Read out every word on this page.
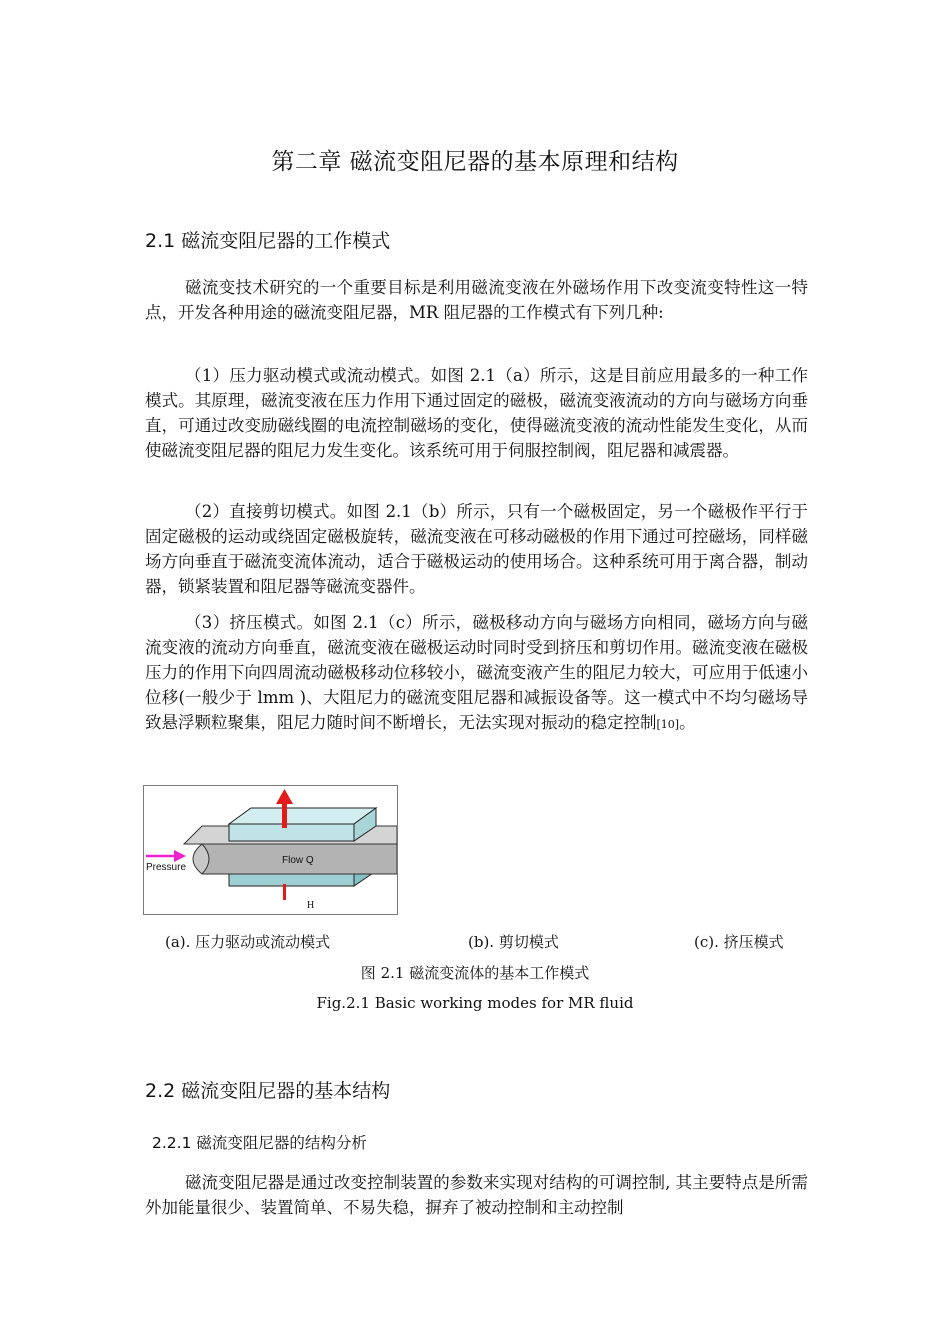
第二章 磁流变阻尼器的基本原理和结构
2.1 磁流变阻尼器的工作模式
磁流变技术研究的一个重要目标是利用磁流变液在外磁场作用下改变流变特性这一特点，开发各种用途的磁流变阻尼器，MR 阻尼器的工作模式有下列几种:
（1）压力驱动模式或流动模式。如图 2.1（a）所示，这是目前应用最多的一种工作模式。其原理，磁流变液在压力作用下通过固定的磁极，磁流变液流动的方向与磁场方向垂直，可通过改变励磁线圈的电流控制磁场的变化，使得磁流变液的流动性能发生变化，从而使磁流变阻尼器的阻尼力发生变化。该系统可用于伺服控制阀，阻尼器和减震器。
（2）直接剪切模式。如图 2.1（b）所示，只有一个磁极固定，另一个磁极作平行于固定磁极的运动或绕固定磁极旋转，磁流变液在可移动磁极的作用下通过可控磁场，同样磁场方向垂直于磁流变流体流动，适合于磁极运动的使用场合。这种系统可用于离合器，制动器，锁紧装置和阻尼器等磁流变器件。
（3）挤压模式。如图 2.1（c）所示，磁极移动方向与磁场方向相同，磁场方向与磁流变液的流动方向垂直，磁流变液在磁极运动时同时受到挤压和剪切作用。磁流变液在磁极压力的作用下向四周流动磁极移动位移较小，磁流变液产生的阻尼力较大，可应用于低速小位移(一般少于 lmm )、大阻尼力的磁流变阻尼器和减振设备等。这一模式中不均匀磁场导致悬浮颗粒聚集，阻尼力随时间不断增长，无法实现对振动的稳定控制[10]。
Pressure
Flow Q
H
(a). 压力驱动或流动模式	(b). 剪切模式	(c). 挤压模式
图 2.1 磁流变流体的基本工作模式
Fig.2.1 Basic working modes for MR fluid
2.2 磁流变阻尼器的基本结构
2.2.1 磁流变阻尼器的结构分析
磁流变阻尼器是通过改变控制装置的参数来实现对结构的可调控制, 其主要特点是所需外加能量很少、装置简单、不易失稳，摒弃了被动控制和主动控制
